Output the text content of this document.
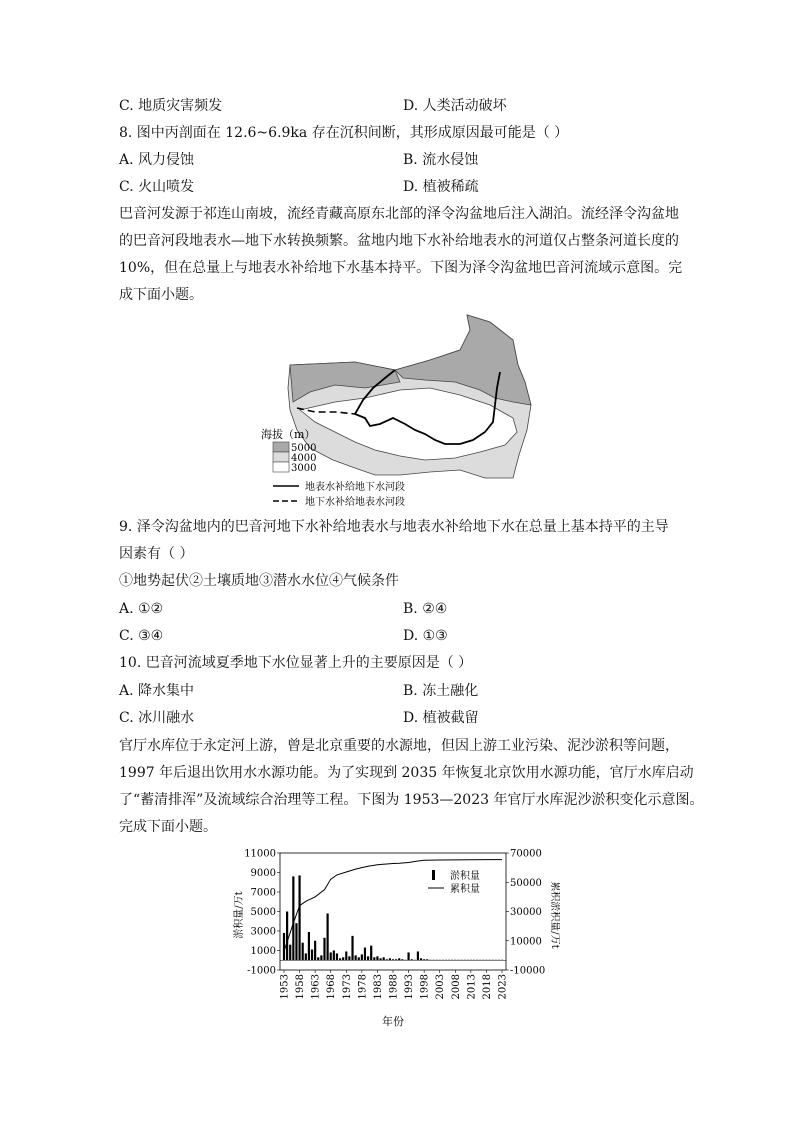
C. 地质灾害频发	D. 人类活动破坏
8. 图中丙剖面在 12.6~6.9ka 存在沉积间断，其形成原因最可能是（ ）
A. 风力侵蚀	B. 流水侵蚀
C. 火山喷发	D. 植被稀疏
巴音河发源于祁连山南坡，流经青藏高原东北部的泽令沟盆地后注入湖泊。流经泽令沟盆地
的巴音河段地表水—地下水转换频繁。盆地内地下水补给地表水的河道仅占整条河道长度的
10%，但在总量上与地表水补给地下水基本持平。下图为泽令沟盆地巴音河流域示意图。完
成下面小题。
海拔（m）
5000
4000
3000
地表水补给地下水河段
地下水补给地表水河段
9. 泽令沟盆地内的巴音河地下水补给地表水与地表水补给地下水在总量上基本持平的主导
因素有（ ）
①地势起伏②土壤质地③潜水水位④气候条件
A. ①②	B. ②④
C. ③④	D. ①③
10. 巴音河流域夏季地下水位显著上升的主要原因是（ ）
A. 降水集中	B. 冻土融化
C. 冰川融水	D. 植被截留
官厅水库位于永定河上游，曾是北京重要的水源地，但因上游工业污染、泥沙淤积等问题，
1997 年后退出饮用水水源功能。为了实现到 2035 年恢复北京饮用水源功能，官厅水库启动
了“蓄清排浑”及流域综合治理等工程。下图为 1953—2023 年官厅水库泥沙淤积变化示意图。
完成下面小题。
11000
9000
7000
5000
3000
1000
-1000
70000
50000
30000
10000
-10000
1953 1958 1963 1968 1973 1978 1983 1988 1993 1998 2003 2008 2013 2018 2023
淤积量/万t	累积淤积量/万t
年份
淤积量
累积量
